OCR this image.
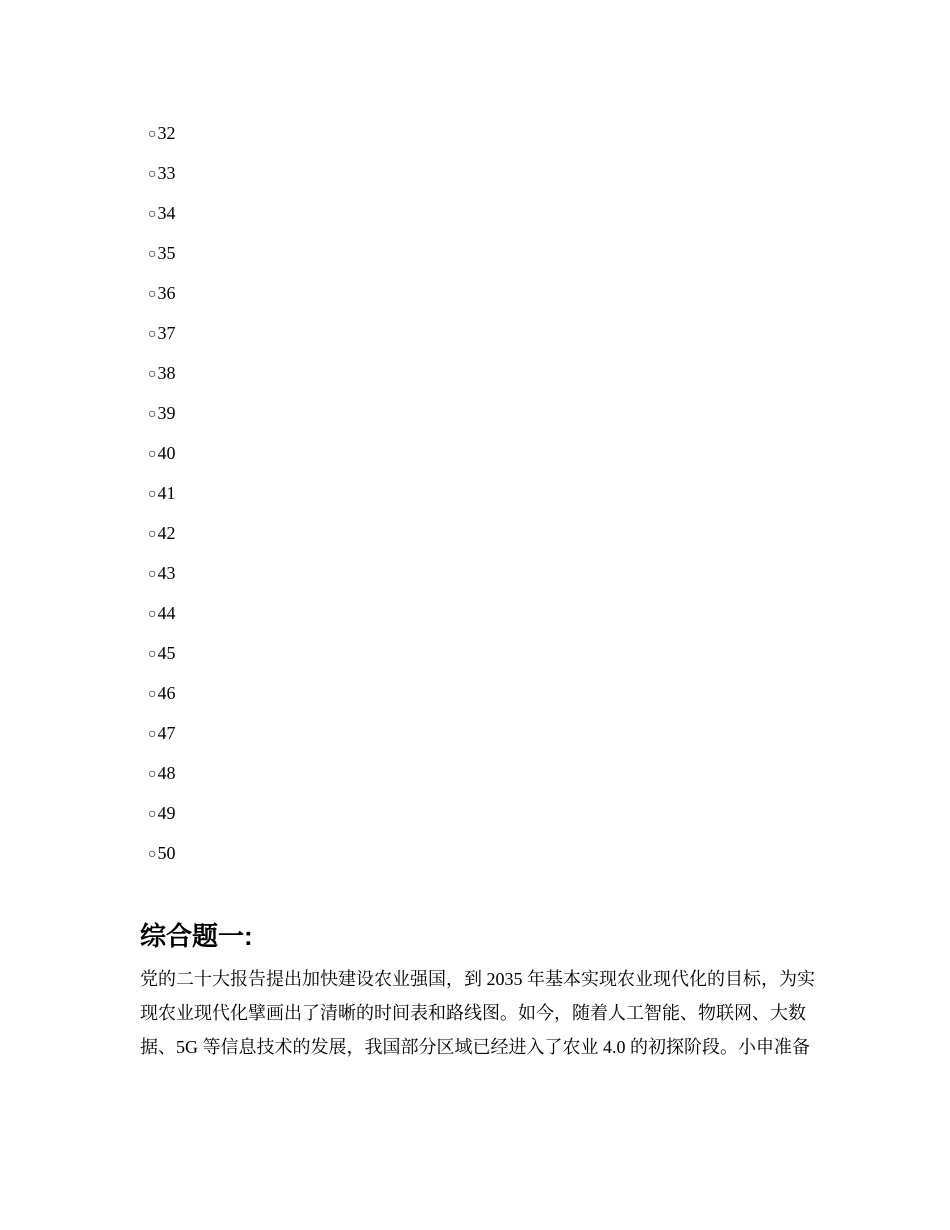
○32
○33
○34
○35
○36
○37
○38
○39
○40
○41
○42
○43
○44
○45
○46
○47
○48
○49
○50
综合题一:

党的二十大报告提出加快建设农业强国，到 2035 年基本实现农业现代化的目标，为实
现农业现代化擘画出了清晰的时间表和路线图。如今，随着人工智能、物联网、大数
据、5G 等信息技术的发展，我国部分区域已经进入了农业 4.0 的初探阶段。小申准备
